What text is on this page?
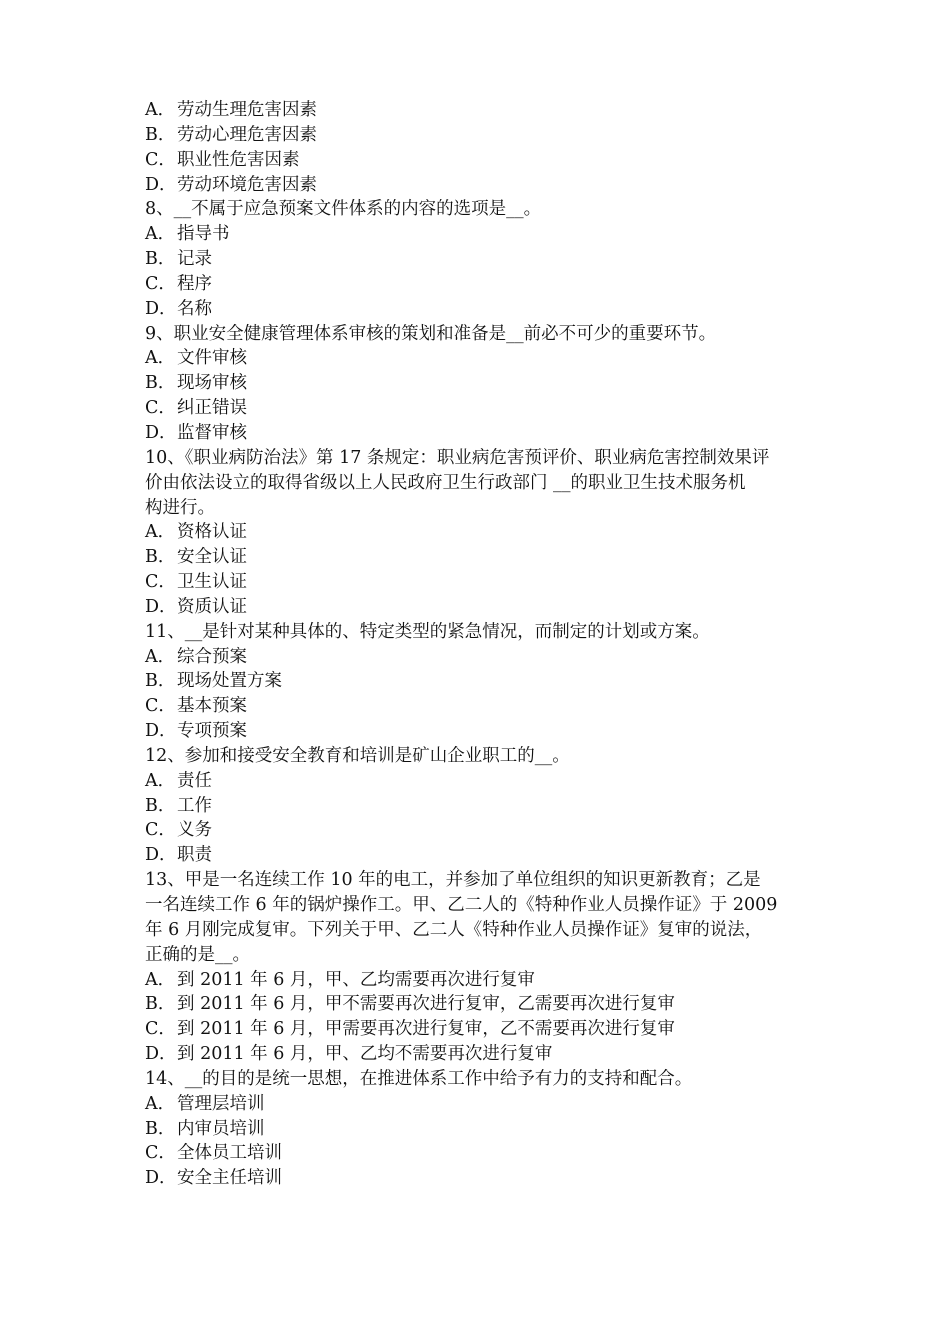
A． 劳动生理危害因素
B．劳动心理危害因素
C．职业性危害因素
D．劳动环境危害因素
8、__不属于应急预案文件体系的内容的选项是__。
A． 指导书
B．记录
C．程序
D．名称
9、职业安全健康管理体系审核的策划和准备是__前必不可少的重要环节。
A． 文件审核
B．现场审核
C．纠正错误
D．监督审核
10、《职业病防治法》第 17 条规定：职业病危害预评价、职业病危害控制效果评
价由依法设立的取得省级以上人民政府卫生行政部门 __的职业卫生技术服务机
构进行。
A． 资格认证
B．安全认证
C．卫生认证
D．资质认证
11、__是针对某种具体的、特定类型的紧急情况，而制定的计划或方案。
A． 综合预案
B．现场处置方案
C．基本预案
D．专项预案
12、参加和接受安全教育和培训是矿山企业职工的__。
A． 责任
B．工作
C．义务
D．职责
13、甲是一名连续工作 10 年的电工，并参加了单位组织的知识更新教育；乙是
一名连续工作 6 年的锅炉操作工。甲、乙二人的《特种作业人员操作证》于 2009
年 6 月刚完成复审。下列关于甲、乙二人《特种作业人员操作证》复审的说法，
正确的是__。
A． 到 2011 年 6 月，甲、乙均需要再次进行复审
B．到 2011 年 6 月，甲不需要再次进行复审，乙需要再次进行复审
C．到 2011 年 6 月，甲需要再次进行复审，乙不需要再次进行复审
D．到 2011 年 6 月，甲、乙均不需要再次进行复审
14、__的目的是统一思想，在推进体系工作中给予有力的支持和配合。
A． 管理层培训
B．内审员培训
C．全体员工培训
D．安全主任培训
